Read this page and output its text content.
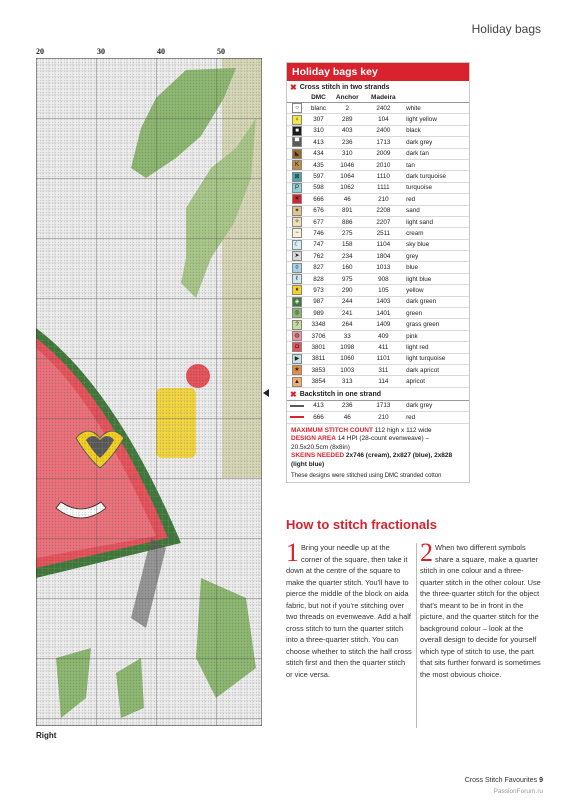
Holiday bags
20	30	40	50
Right
Holiday bags key
✖ Cross stitch in two strands
	DMC	Anchor	Madeira	
○	blanc	2	2402	white
♀	307	289	104	light yellow
■	310	403	2400	black
▀	413	236	1713	dark grey
◣	434	310	2009	dark tan
K	435	1046	2010	tan
⊠	597	1064	1110	dark turquoise
P	598	1062	1111	turquoise
♥	666	46	210	red
✶	676	891	2208	sand
✧	677	886	2207	light sand
−	746	275	2511	cream
☾	747	158	1104	sky blue
➤	762	234	1804	grey
◊	827	160	1013	blue
ℓ	828	975	908	light blue
♦	973	290	105	yellow
◈	987	244	1403	dark green
◎	989	241	1401	green
?	3348	264	1409	grass green
◍	3706	33	409	pink
◘	3801	1098	411	light red
▶	3811	1060	1101	light turquoise
★	3853	1003	311	dark apricot
▲	3854	313	114	apricot

✖ Backstitch in one strand				

	413	236	1713	dark grey
	666	46	210	red
MAXIMUM STITCH COUNT 112 high x 112 wide
DESIGN AREA 14 HPI (28-count evenweave) – 20.5x20.5cm (8x8in)
SKEINS NEEDED 2x746 (cream), 2x827 (blue), 2x828 (light blue)
These designs were stitched using DMC stranded cotton
How to stitch fractionals
1 Bring your needle up at the corner of the square, then take it down at the centre of the square to make the quarter stitch. You'll have to pierce the middle of the block on aida fabric, but not if you're stitching over two threads on evenweave. Add a half cross stitch to turn the quarter stitch into a three-quarter stitch. You can choose whether to stitch the half cross stitch first and then the quarter stitch or vice versa.
2 When two different symbols share a square, make a quarter stitch in one colour and a three-quarter stitch in the other colour. Use the three-quarter stitch for the object that's meant to be in front in the picture, and the quarter stitch for the background colour – look at the overall design to decide for yourself which type of stitch to use, the part that sits further forward is sometimes the most obvious choice.
Cross Stitch Favourites 9
PassionForum.ru
